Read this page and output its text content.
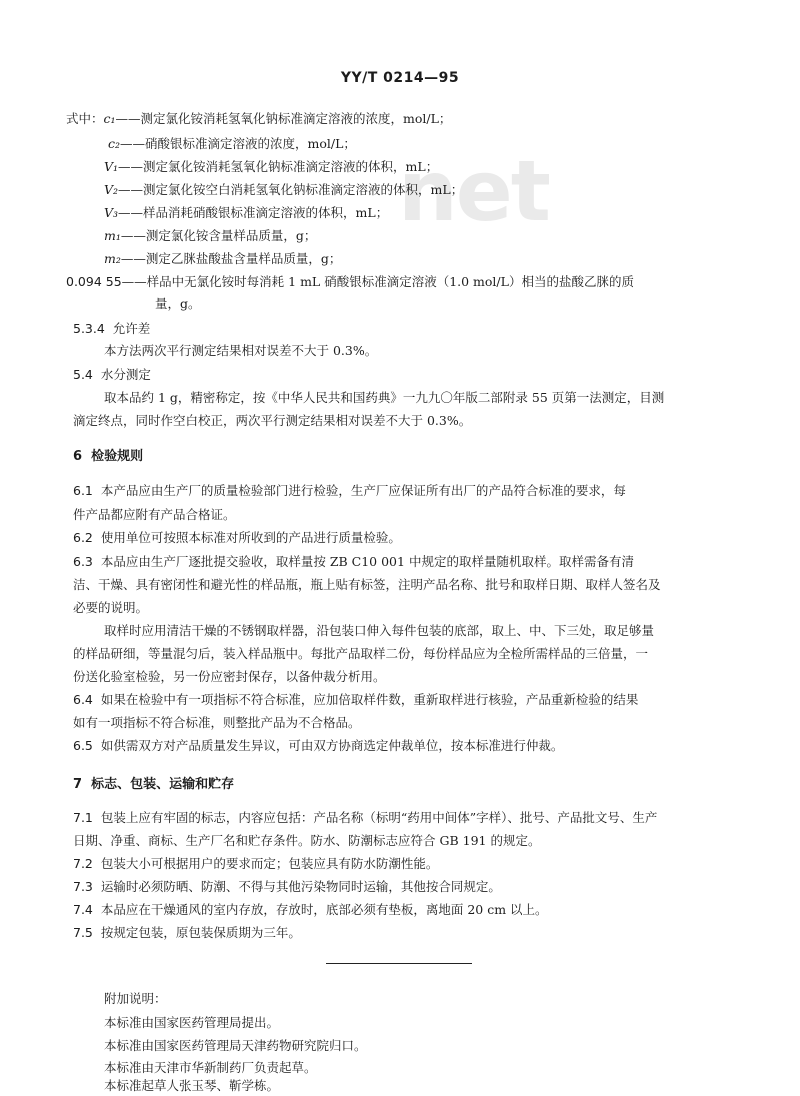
YY/T 0214—95
net
式中：c₁——测定氯化铵消耗氢氧化钠标准滴定溶液的浓度，mol/L；
c₂——硝酸银标准滴定溶液的浓度，mol/L；
V₁——测定氯化铵消耗氢氧化钠标准滴定溶液的体积，mL；
V₂——测定氯化铵空白消耗氢氧化钠标准滴定溶液的体积，mL；
V₃——样品消耗硝酸银标准滴定溶液的体积，mL；
m₁——测定氯化铵含量样品质量，g；
m₂——测定乙脒盐酸盐含量样品质量，g；
0.094 55——样品中无氯化铵时每消耗 1 mL 硝酸银标准滴定溶液（1.0 mol/L）相当的盐酸乙脒的质
量，g。
5.3.4 允许差
本方法两次平行测定结果相对误差不大于 0.3%。
5.4 水分测定
取本品约 1 g，精密称定，按《中华人民共和国药典》一九九〇年版二部附录 55 页第一法测定，目测
滴定终点，同时作空白校正，两次平行测定结果相对误差不大于 0.3%。
6 检验规则
6.1 本产品应由生产厂的质量检验部门进行检验，生产厂应保证所有出厂的产品符合标准的要求，每
件产品都应附有产品合格证。
6.2 使用单位可按照本标准对所收到的产品进行质量检验。
6.3 本品应由生产厂逐批提交验收，取样量按 ZB C10 001 中规定的取样量随机取样。取样需备有清
洁、干燥、具有密闭性和避光性的样品瓶，瓶上贴有标签，注明产品名称、批号和取样日期、取样人签名及
必要的说明。
取样时应用清洁干燥的不锈钢取样器，沿包装口伸入每件包装的底部，取上、中、下三处，取足够量
的样品研细，等量混匀后，装入样品瓶中。每批产品取样二份，每份样品应为全检所需样品的三倍量，一
份送化验室检验，另一份应密封保存，以备仲裁分析用。
6.4 如果在检验中有一项指标不符合标准，应加倍取样件数，重新取样进行核验，产品重新检验的结果
如有一项指标不符合标准，则整批产品为不合格品。
6.5 如供需双方对产品质量发生异议，可由双方协商选定仲裁单位，按本标准进行仲裁。
7 标志、包装、运输和贮存
7.1 包装上应有牢固的标志，内容应包括：产品名称（标明“药用中间体”字样）、批号、产品批文号、生产
日期、净重、商标、生产厂名和贮存条件。防水、防潮标志应符合 GB 191 的规定。
7.2 包装大小可根据用户的要求而定；包装应具有防水防潮性能。
7.3 运输时必须防晒、防潮、不得与其他污染物同时运输，其他按合同规定。
7.4 本品应在干燥通风的室内存放，存放时，底部必须有垫板，离地面 20 cm 以上。
7.5 按规定包装，原包装保质期为三年。
附加说明：
本标准由国家医药管理局提出。
本标准由国家医药管理局天津药物研究院归口。
本标准由天津市华新制药厂负责起草。
本标准起草人张玉琴、靳学栋。
